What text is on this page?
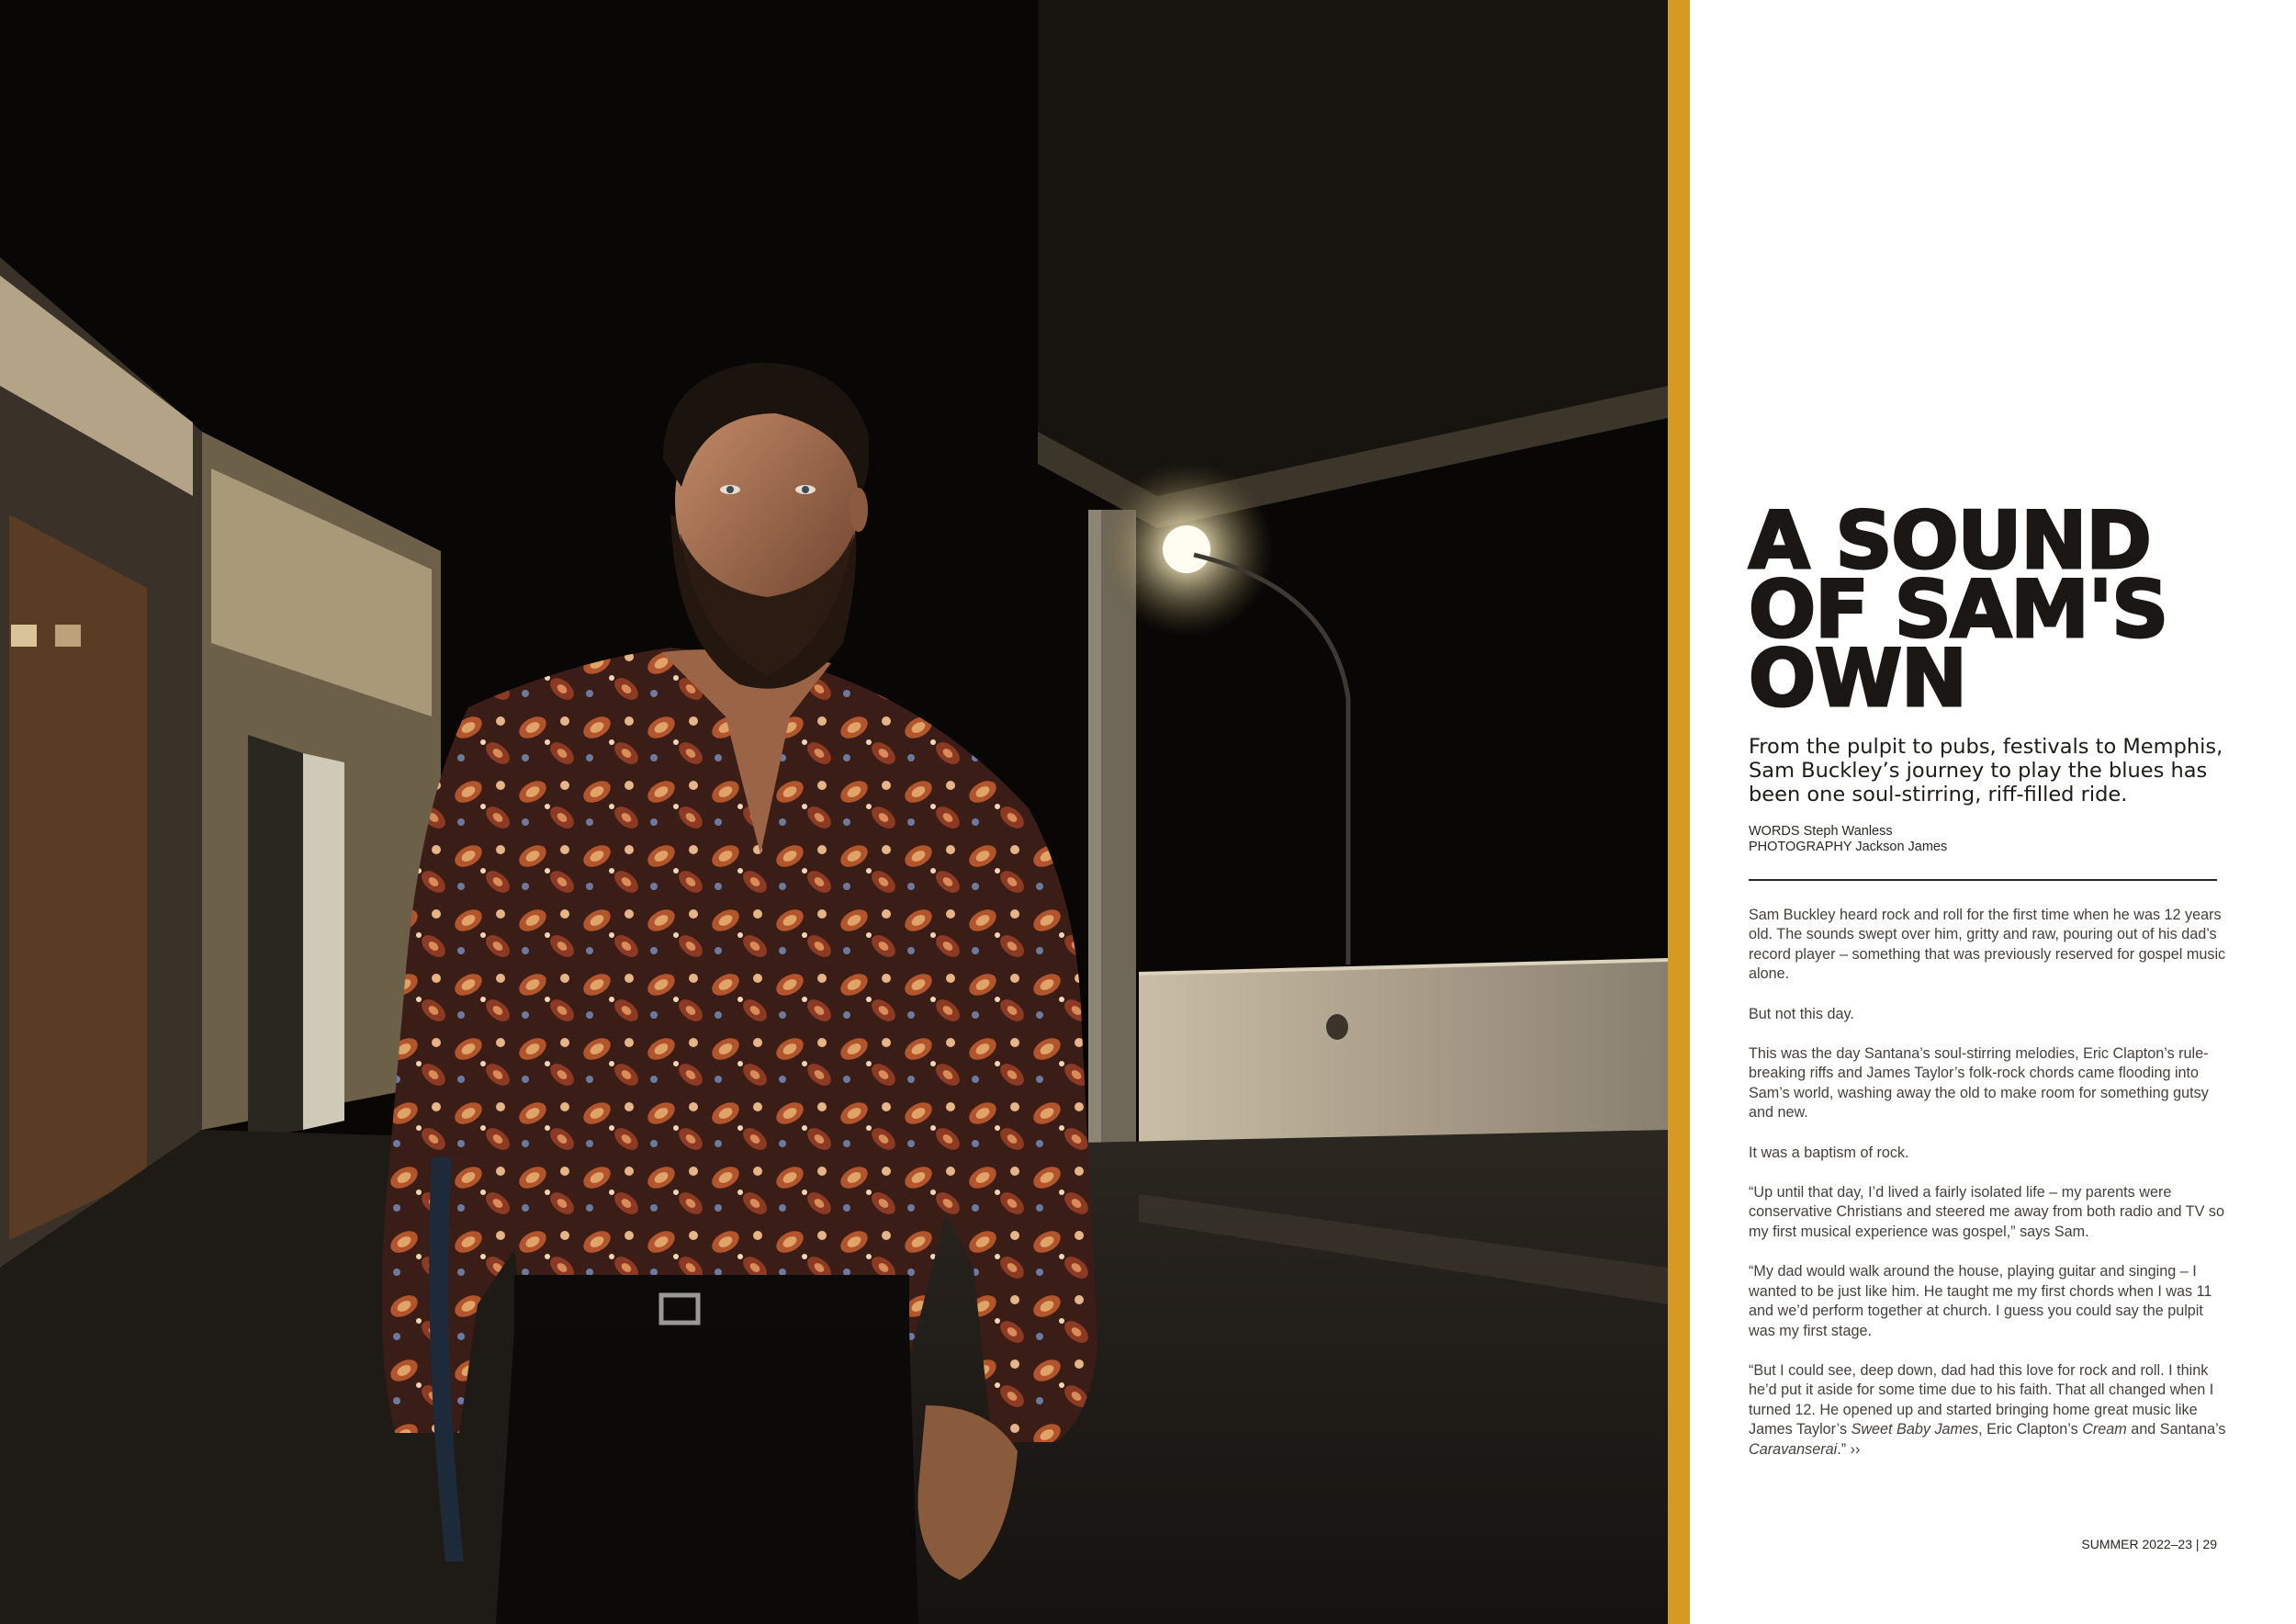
A SOUND
OF SAM'S
OWN

From the pulpit to pubs, festivals to Memphis, Sam Buckley’s journey to play the blues has been one soul-stirring, riff-filled ride.

WORDS Steph Wanless
PHOTOGRAPHY Jackson James

Sam Buckley heard rock and roll for the first time when he was 12 years old. The sounds swept over him, gritty and raw, pouring out of his dad’s record player – something that was previously reserved for gospel music alone.

But not this day.

This was the day Santana’s soul-stirring melodies, Eric Clapton’s rule-breaking riffs and James Taylor’s folk-rock chords came flooding into Sam’s world, washing away the old to make room for something gutsy and new.

It was a baptism of rock.

“Up until that day, I’d lived a fairly isolated life – my parents were conservative Christians and steered me away from both radio and TV so my first musical experience was gospel,” says Sam.

“My dad would walk around the house, playing guitar and singing – I wanted to be just like him. He taught me my first chords when I was 11 and we’d perform together at church. I guess you could say the pulpit was my first stage.

“But I could see, deep down, dad had this love for rock and roll. I think he’d put it aside for some time due to his faith. That all changed when I turned 12. He opened up and started bringing home great music like James Taylor’s Sweet Baby James, Eric Clapton’s Cream and Santana’s Caravanserai.” ››

SUMMER 2022–23 | 29
